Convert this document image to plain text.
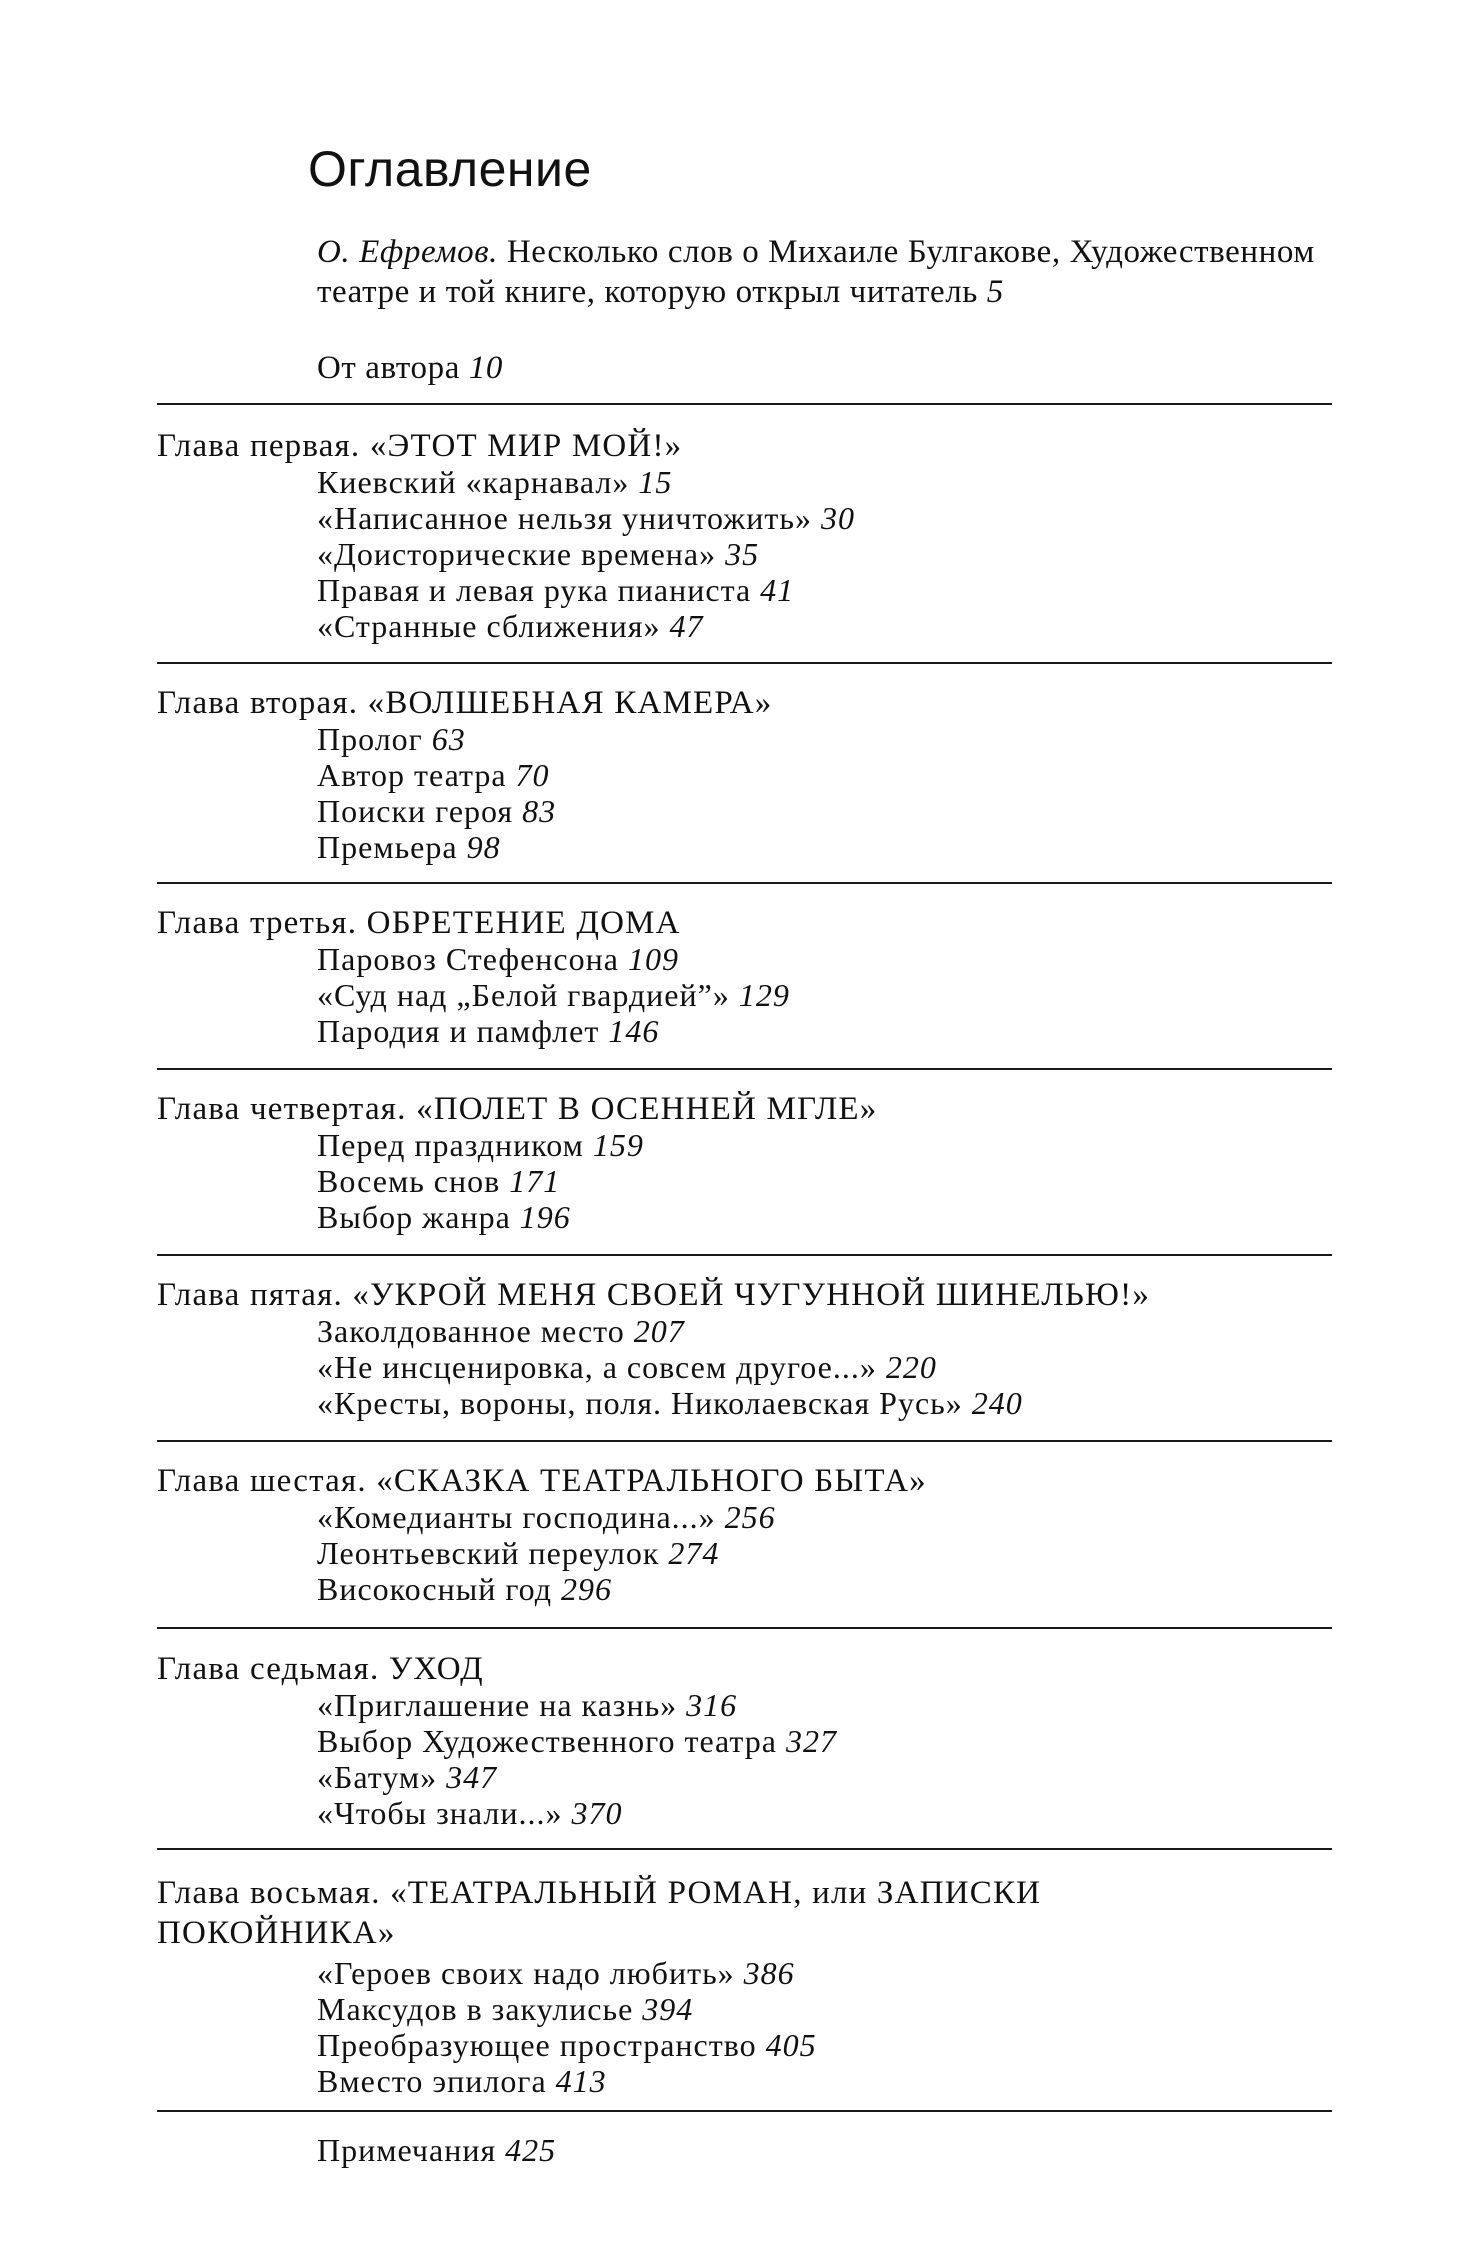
Оглавление
О. Ефремов. Несколько слов о Михаиле Булгакове, Художественном театре и той книге, которую открыл читатель 5
От автора 10
Глава первая. «ЭТОТ МИР МОЙ!»
Киевский «карнавал» 15
«Написанное нельзя уничтожить» 30
«Доисторические времена» 35
Правая и левая рука пианиста 41
«Странные сближения» 47
Глава вторая. «ВОЛШЕБНАЯ КАМЕРА»
Пролог 63
Автор театра 70
Поиски героя 83
Премьера 98
Глава третья. ОБРЕТЕНИЕ ДОМА
Паровоз Стефенсона 109
«Суд над „Белой гвардией”» 129
Пародия и памфлет 146
Глава четвертая. «ПОЛЕТ В ОСЕННЕЙ МГЛЕ»
Перед праздником 159
Восемь снов 171
Выбор жанра 196
Глава пятая. «УКРОЙ МЕНЯ СВОЕЙ ЧУГУННОЙ ШИНЕЛЬЮ!»
Заколдованное место 207
«Не инсценировка, а совсем другое...» 220
«Кресты, вороны, поля. Николаевская Русь» 240
Глава шестая. «СКАЗКА ТЕАТРАЛЬНОГО БЫТА»
«Комедианты господина...» 256
Леонтьевский переулок 274
Високосный год 296
Глава седьмая. УХОД
«Приглашение на казнь» 316
Выбор Художественного театра 327
«Батум» 347
«Чтобы знали...» 370
Глава восьмая. «ТЕАТРАЛЬНЫЙ РОМАН, или ЗАПИСКИ ПОКОЙНИКА»
«Героев своих надо любить» 386
Максудов в закулисье 394
Преобразующее пространство 405
Вместо эпилога 413
Примечания 425
